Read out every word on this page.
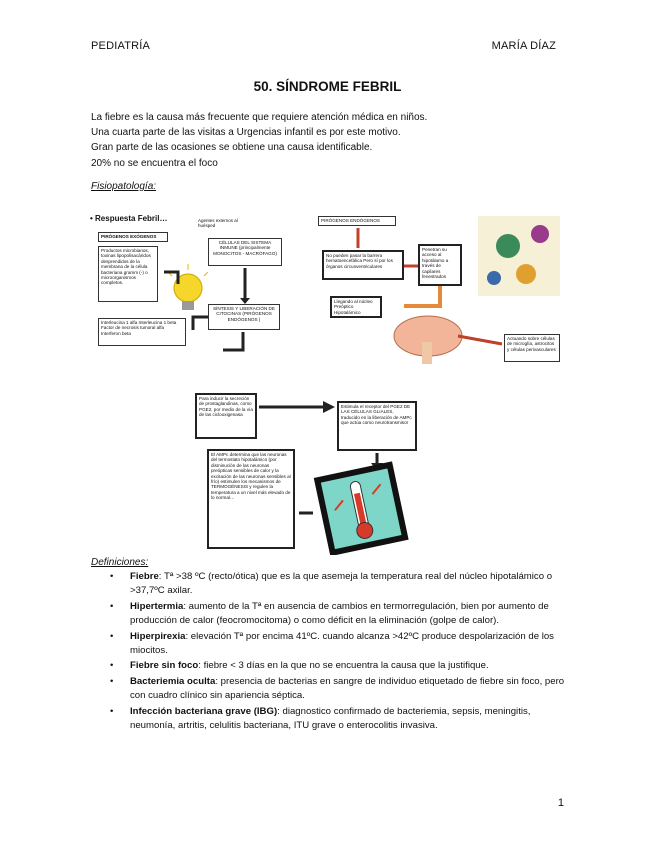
PEDIATRÍA	MARÍA DÍAZ
50. SÍNDROME FEBRIL

La fiebre es la causa más frecuente que requiere atención médica en niños.

Una cuarta parte de las visitas a Urgencias infantil es por este motivo.

Gran parte de las ocasiones se obtiene una causa identificable.

20% no se encuentra el foco

Fisiopatología:
• Respuesta Febril…	Agentes externos al huésped
PIRÓGENOS EXÓGENOS
Productos microbianos, toxinas lipopolisacáridos desprendidos de la membrana de la célula bacteriana gramm (-) o microorganismos completos.
CÉLULAS DEL SISTEMA INMUNE (principalmente MONOCITOS - MACRÓFAGO)
SÍNTESIS Y LIBERACIÓN DE CITOCINAS (PIRÓGENOS ENDÓGENOS )
Interleucina 1 alfa Interleucina 1 beta Factor de necrosis tumoral alfa Interferon beta
PIRÓGENOS ENDÓGENOS
No pueden pasar la barrera hematoencefálica Pero sí por los órganos circunventriculares
Penetran su acceso al hipotálamo a través de capilares fenestrados
Llegando al núcleo Preóptico Hipotalámico
Actuando sobre células de microglía, astrocitos y células perivasculares
Para inducir la secreción de prostaglandinas, como PGE2, por medio de la vía de las ciclooxigenasa
Estimula el receptor del PGE2 DE LAS CÉLULAS GLIALES, traducido en la liberación de AMPc que actúa como neurotransmisor
El AMPc determina que las neuronas del termostato hipotalámico (por disminución de las neuronas preópticas sensibles de calor y la excitación de las neuronas sensibles al frío) estimulen los mecanismos de TERMOGÉNESIS y regulen la temperatura a un nivel más elevado de lo normal…
Definiciones:
• Fiebre: Tª >38 ºC (recto/ótica) que es la que asemeja la temperatura real del núcleo hipotalámico o >37,7ºC axilar.
• Hipertermia: aumento de la Tª en ausencia de cambios en termorregulación, bien por aumento de producción de calor (feocromocitoma) o como déficit en la eliminación (golpe de calor).
• Hiperpirexia: elevación Tª por encima 41ºC. cuando alcanza >42ºC produce despolarización de los miocitos.
• Fiebre sin foco: fiebre < 3 días en la que no se encuentra la causa que la justifique.
• Bacteriemia oculta: presencia de bacterias en sangre de individuo etiquetado de fiebre sin foco, pero con cuadro clínico sin apariencia séptica.
• Infección bacteriana grave (IBG): diagnostico confirmado de bacteriemia, sepsis, meningitis, neumonía, artritis, celulitis bacteriana, ITU grave o enterocolitis invasiva.
1
